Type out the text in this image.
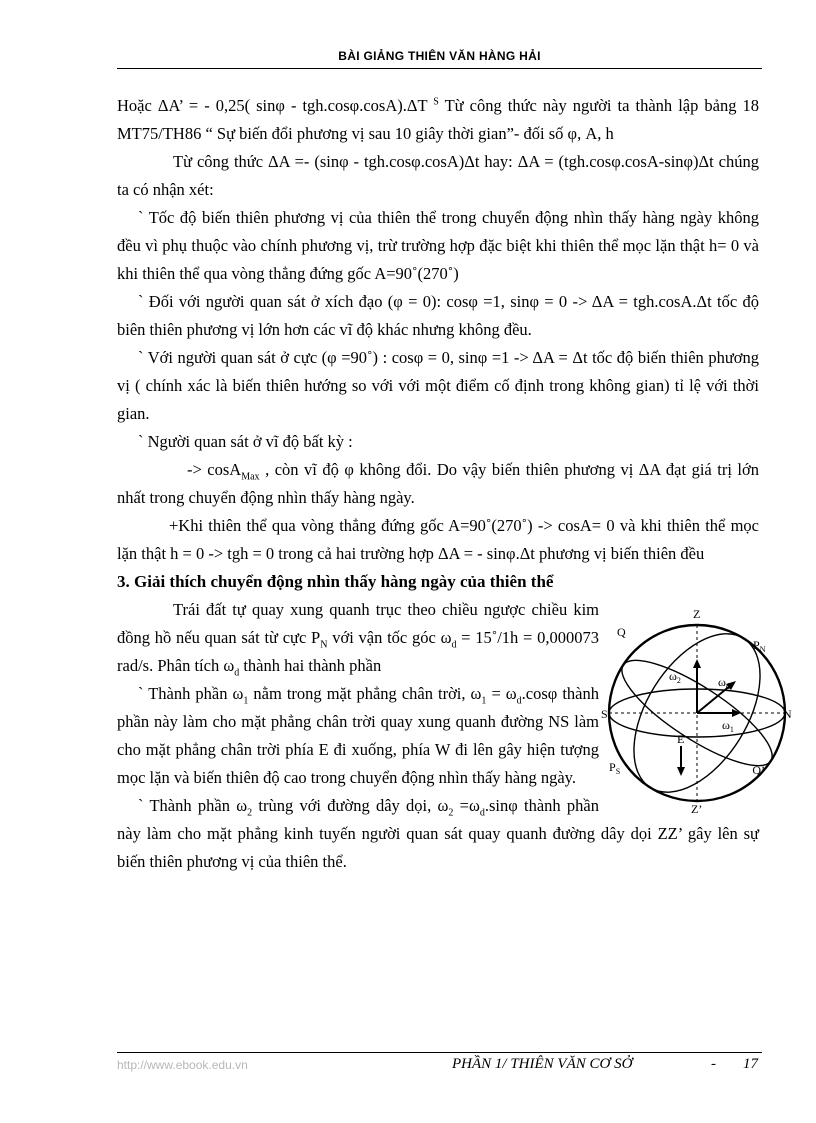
BÀI GIẢNG THIÊN VĂN HÀNG HẢI

Hoặc ΔA’ = - 0,25( sinφ - tgh.cosφ.cosA).ΔT $^S$ Từ công thức này người ta thành lập bảng 18 MT75/TH86 “ Sự biến đổi phương vị sau 10 giây thời gian”- đối số φ, A, h

Từ công thức ΔA =- (sinφ - tgh.cosφ.cosA)Δt hay: ΔA = (tgh.cosφ.cosA-sinφ)Δt chúng ta có nhận xét:

` Tốc độ biến thiên phương vị của thiên thể trong chuyển động nhìn thấy hàng ngày không đều vì phụ thuộc vào chính phương vị, trừ trường hợp đặc biệt khi thiên thể mọc lặn thật h= 0 và khi thiên thể qua vòng thẳng đứng gốc A=90˚(270˚)

` Đối với người quan sát ở xích đạo (φ = 0): cosφ =1, sinφ = 0 -> ΔA = tgh.cosA.Δt tốc độ biên thiên phương vị lớn hơn các vĩ độ khác nhưng không đều.

` Với người quan sát ở cực (φ =90˚) : cosφ = 0, sinφ =1 -> ΔA = Δt tốc độ biến thiên phương vị ( chính xác là biến thiên hướng so với với một điểm cố định trong không gian) tỉ lệ với thời gian.

` Người quan sát ở vĩ độ bất kỳ :

-> cosA$_{Max}$ , còn vĩ độ φ không đổi. Do vậy biến thiên phương vị ΔA đạt giá trị lớn nhất trong chuyển động nhìn thấy hàng ngày.

+Khi thiên thể qua vòng thẳng đứng gốc A=90˚(270˚) -> cosA= 0 và khi thiên thể mọc lặn thật h = 0 -> tgh = 0 trong cả hai trường hợp ΔA = - sinφ.Δt phương vị biến thiên đều

3. Giải thích chuyển động nhìn thấy hàng ngày của thiên thể

Z
Z’
Q
Q’
S	N
E
$P_N$
$P_S$
$\omega_2$	$\omega_d$
$\omega_1$

Trái đất tự quay xung quanh trục theo chiều ngược chiều kim đồng hồ nếu quan sát từ cực $P_N$ với vận tốc góc $\omega_d$ = 15˚/1h = 0,000073 rad/s. Phân tích $\omega_d$ thành hai thành phần

` Thành phần $\omega_1$ nằm trong mặt phẳng chân trời, $\omega_1 = \omega_d.\cos\varphi$ thành phần này làm cho mặt phẳng chân trời quay xung quanh đường NS làm cho mặt phẳng chân trời phía E đi xuống, phía W đi lên gây hiện tượng mọc lặn và biến thiên độ cao trong chuyển động nhìn thấy hàng ngày.

` Thành phần $\omega_2$ trùng với đường dây dọi, $\omega_2 =\omega_d.\sin\varphi$ thành phần này làm cho mặt phẳng kinh tuyến người quan sát quay quanh đường dây dọi ZZ’ gây lên sự biến thiên phương vị của thiên thể.

http://www.ebook.edu.vn	PHẦN 1/ THIÊN VĂN CƠ SỞ	- 17
